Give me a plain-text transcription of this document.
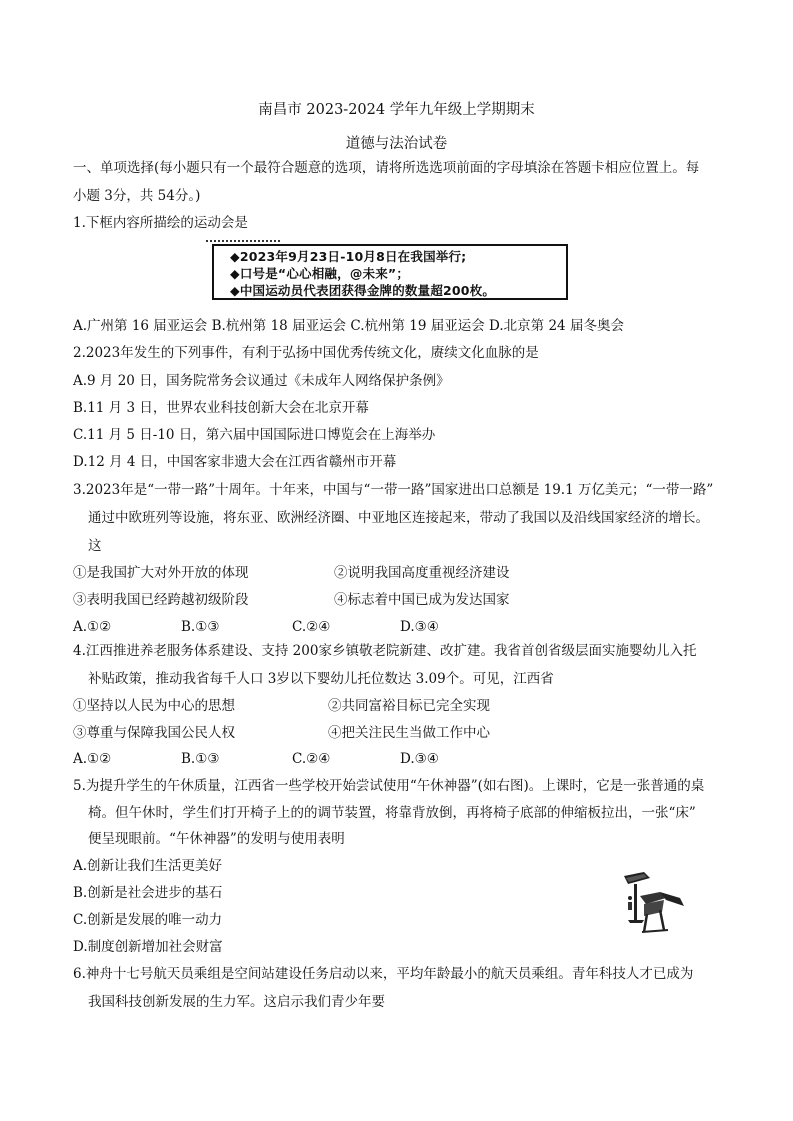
南昌市 2023-2024 学年九年级上学期期末
道德与法治试卷
一、单项选择(每小题只有一个最符合题意的选项，请将所选选项前面的字母填涂在答题卡相应位置上。每
小题 3分，共 54分。)
1.下框内容所描绘的运动会是
◆2023年9月23日-10月8日在我国举行;
◆口号是“心心相融，@未来”；
◆中国运动员代表团获得金牌的数量超200枚。
A.广州第 16 届亚运会 B.杭州第 18 届亚运会 C.杭州第 19 届亚运会 D.北京第 24 届冬奥会
2.2023年发生的下列事件，有利于弘扬中国优秀传统文化，赓续文化血脉的是
A.9 月 20 日，国务院常务会议通过《未成年人网络保护条例》
B.11 月 3 日，世界农业科技创新大会在北京开幕
C.11 月 5 日-10 日，第六届中国国际进口博览会在上海举办
D.12 月 4 日，中国客家非遗大会在江西省赣州市开幕
3.2023年是“一带一路”十周年。十年来，中国与“一带一路”国家进出口总额是 19.1 万亿美元；“一带一路”
通过中欧班列等设施，将东亚、欧洲经济圈、中亚地区连接起来，带动了我国以及沿线国家经济的增长。
这
①是我国扩大对外开放的体现	②说明我国高度重视经济建设
③表明我国已经跨越初级阶段	④标志着中国已成为发达国家
A.①②	B.①③	C.②④	D.③④
4.江西推进养老服务体系建设、支持 200家乡镇敬老院新建、改扩建。我省首创省级层面实施婴幼儿入托
补贴政策，推动我省每千人口 3岁以下婴幼儿托位数达 3.09个。可见，江西省
①坚持以人民为中心的思想	②共同富裕目标已完全实现
③尊重与保障我国公民人权	④把关注民生当做工作中心
A.①②	B.①③	C.②④	D.③④
5.为提升学生的午休质量，江西省一些学校开始尝试使用“午休神器”(如右图)。上课时，它是一张普通的桌
椅。但午休时，学生们打开椅子上的的调节装置，将靠背放倒，再将椅子底部的伸缩板拉出，一张“床”
便呈现眼前。“午休神器”的发明与使用表明
A.创新让我们生活更美好
B.创新是社会进步的基石
C.创新是发展的唯一动力
D.制度创新增加社会财富
6.神舟十七号航天员乘组是空间站建设任务启动以来，平均年龄最小的航天员乘组。青年科技人才已成为
我国科技创新发展的生力军。这启示我们青少年要
